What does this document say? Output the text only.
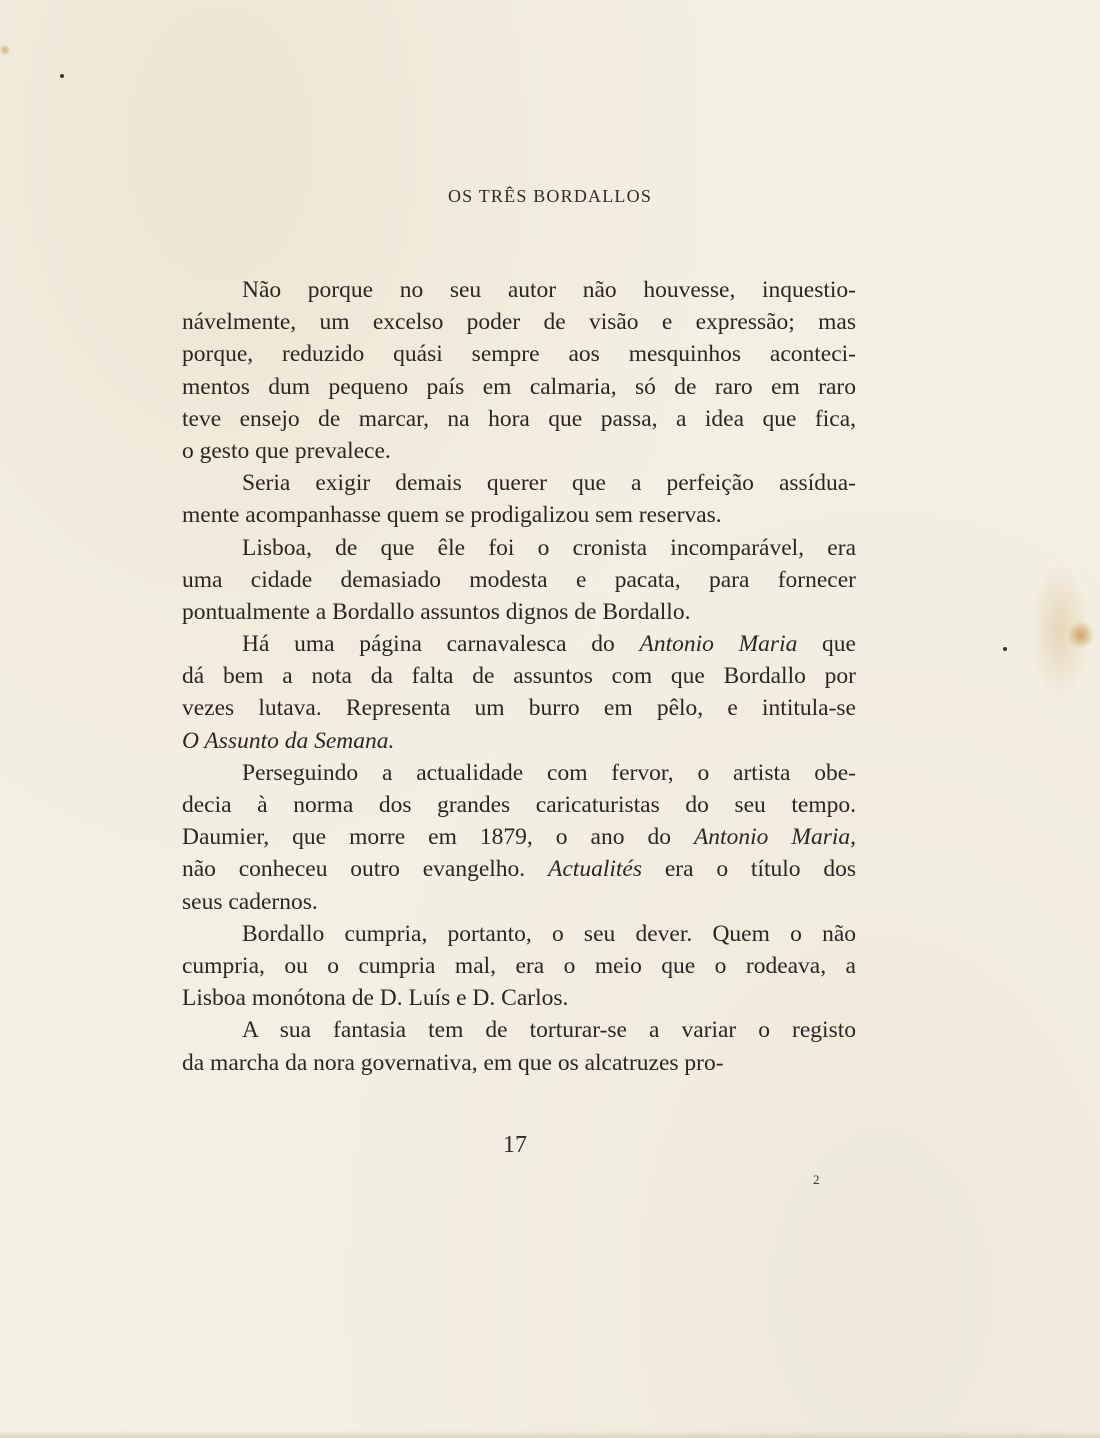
OS TRÊS BORDALLOS
Não porque no seu autor não houvesse, inquestio-
návelmente, um excelso poder de visão e expressão; mas
porque, reduzido quási sempre aos mesquinhos aconteci-
mentos dum pequeno país em calmaria, só de raro em raro
teve ensejo de marcar, na hora que passa, a idea que fica,
o gesto que prevalece.
Seria exigir demais querer que a perfeição assídua-
mente acompanhasse quem se prodigalizou sem reservas.
Lisboa, de que êle foi o cronista incomparável, era
uma cidade demasiado modesta e pacata, para fornecer
pontualmente a Bordallo assuntos dignos de Bordallo.
Há uma página carnavalesca do Antonio Maria que
dá bem a nota da falta de assuntos com que Bordallo por
vezes lutava. Representa um burro em pêlo, e intitula-se
O Assunto da Semana.
Perseguindo a actualidade com fervor, o artista obe-
decia à norma dos grandes caricaturistas do seu tempo.
Daumier, que morre em 1879, o ano do Antonio Maria,
não conheceu outro evangelho. Actualités era o título dos
seus cadernos.
Bordallo cumpria, portanto, o seu dever. Quem o não
cumpria, ou o cumpria mal, era o meio que o rodeava, a
Lisboa monótona de D. Luís e D. Carlos.
A sua fantasia tem de torturar-se a variar o registo
da marcha da nora governativa, em que os alcatruzes pro-
17
2
